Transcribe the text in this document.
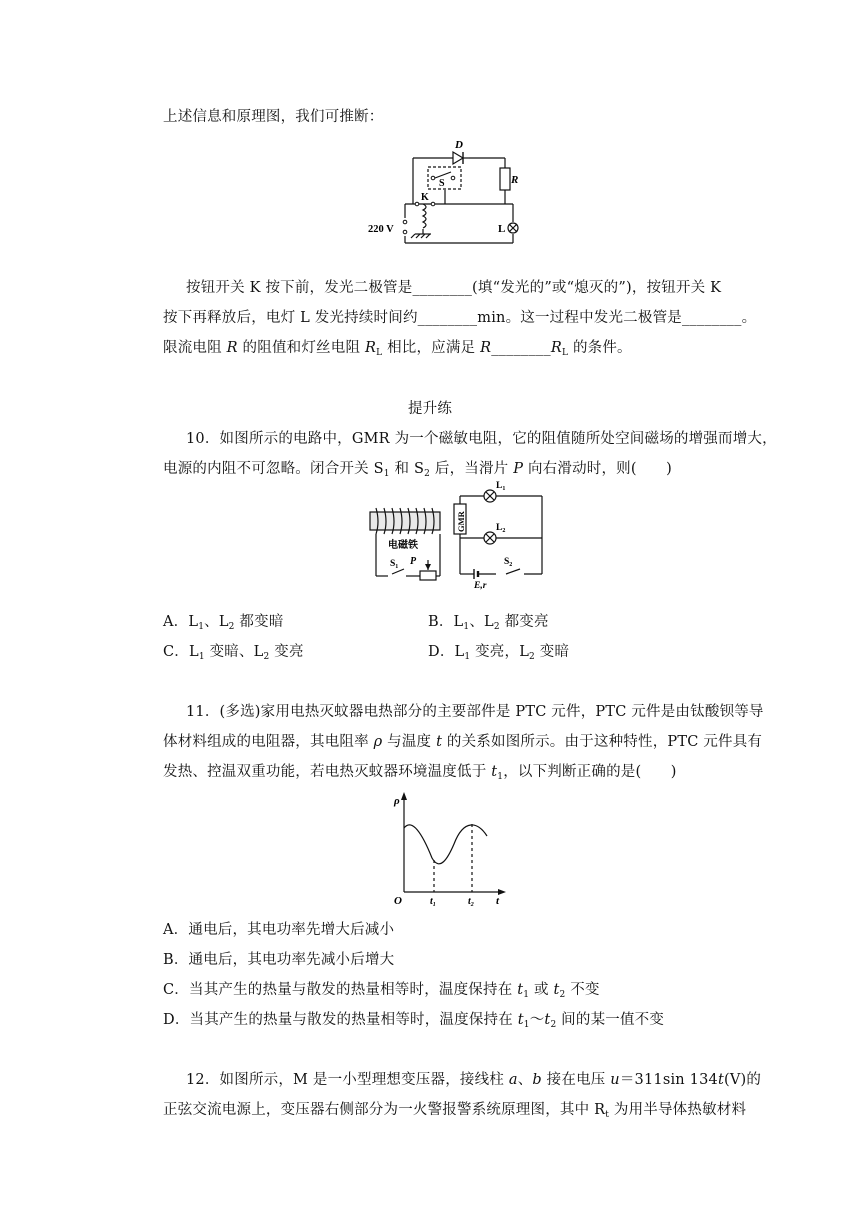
上述信息和原理图，我们可推断：
D
S
K
R
L
220 V
按钮开关 K 按下前，发光二极管是________(填“发光的”或“熄灭的”)，按钮开关 K
按下再释放后，电灯 L 发光持续时间约________min。这一过程中发光二极管是________。
限流电阻 R 的阻值和灯丝电阻 $R_L$ 相比，应满足 $R\_\_\_\_\_\_\_\_R_L$ 的条件。
提升练
10．如图所示的电路中，GMR 为一个磁敏电阻，它的阻值随所处空间磁场的增强而增大，
电源的内阻不可忽略。闭合开关 $S_1$ 和 $S_2$ 后，当滑片 P 向右滑动时，则(　　)
电磁铁
$S_1$ P
GMR
$L_1$
$L_2$
$S_2$
E,r
A．$L_1$、$L_2$ 都变暗	B．$L_1$、$L_2$ 都变亮
C．$L_1$ 变暗、$L_2$ 变亮	D．$L_1$ 变亮，$L_2$ 变暗
11．(多选)家用电热灭蚊器电热部分的主要部件是 PTC 元件，PTC 元件是由钛酸钡等导
体材料组成的电阻器，其电阻率 ρ 与温度 t 的关系如图所示。由于这种特性，PTC 元件具有
发热、控温双重功能，若电热灭蚊器环境温度低于 $t_1$，以下判断正确的是(　　)
ρ
O	$t_1$	$t_2$ t
A．通电后，其电功率先增大后减小
B．通电后，其电功率先减小后增大
C．当其产生的热量与散发的热量相等时，温度保持在 $t_1$ 或 $t_2$ 不变
D．当其产生的热量与散发的热量相等时，温度保持在 $t_1\sim t_2$ 间的某一值不变
12．如图所示，M 是一小型理想变压器，接线柱 a、b 接在电压 u＝311sin 134t(V)的
正弦交流电源上，变压器右侧部分为一火警报警系统原理图，其中 $R_t$ 为用半导体热敏材料
